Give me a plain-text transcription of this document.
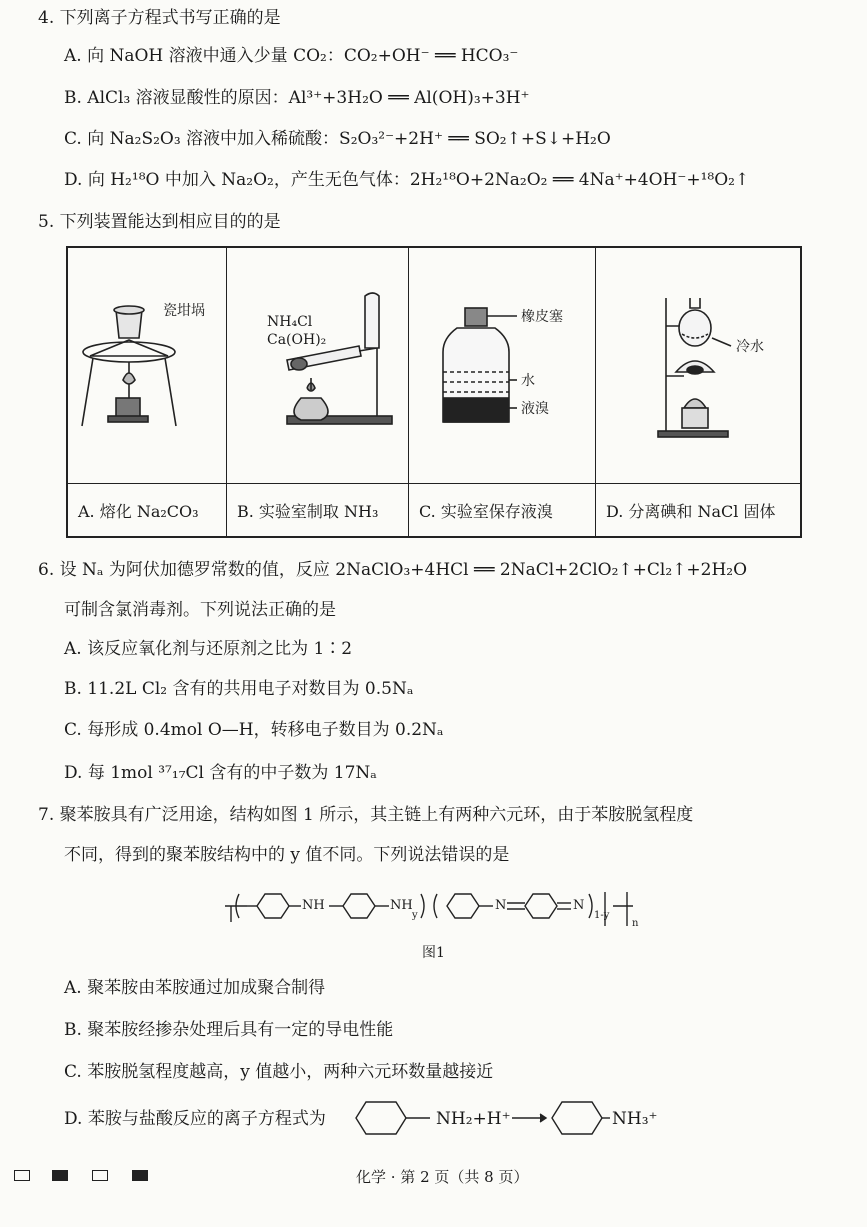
4. 下列离子方程式书写正确的是
A. 向 NaOH 溶液中通入少量 CO₂：CO₂+OH⁻ ══ HCO₃⁻
B. AlCl₃ 溶液显酸性的原因：Al³⁺+3H₂O ══ Al(OH)₃+3H⁺
C. 向 Na₂S₂O₃ 溶液中加入稀硫酸：S₂O₃²⁻+2H⁺ ══ SO₂↑+S↓+H₂O
D. 向 H₂¹⁸O 中加入 Na₂O₂，产生无色气体：2H₂¹⁸O+2Na₂O₂ ══ 4Na⁺+4OH⁻+¹⁸O₂↑
5. 下列装置能达到相应目的的是
瓷坩埚
NH₄Cl
Ca(OH)₂
橡皮塞
水
液溴
冷水
A. 熔化 Na₂CO₃	B. 实验室制取 NH₃	C. 实验室保存液溴	D. 分离碘和 NaCl 固体
6. 设 Nₐ 为阿伏加德罗常数的值，反应 2NaClO₃+4HCl ══ 2NaCl+2ClO₂↑+Cl₂↑+2H₂O
可制含氯消毒剂。下列说法正确的是
A. 该反应氧化剂与还原剂之比为 1∶2
B. 11.2L Cl₂ 含有的共用电子对数目为 0.5Nₐ
C. 每形成 0.4mol O—H，转移电子数目为 0.2Nₐ
D. 每 1mol ³⁷₁₇Cl 含有的中子数为 17Nₐ
7. 聚苯胺具有广泛用途，结构如图 1 所示，其主链上有两种六元环，由于苯胺脱氢程度
不同，得到的聚苯胺结构中的 y 值不同。下列说法错误的是
NH	NH	N	N
y	1-y
n
图1
A. 聚苯胺由苯胺通过加成聚合制得
B. 聚苯胺经掺杂处理后具有一定的导电性能
C. 苯胺脱氢程度越高，y 值越小，两种六元环数量越接近
D. 苯胺与盐酸反应的离子方程式为	NH₂+H⁺	NH₃⁺
化学 · 第 2 页（共 8 页）
